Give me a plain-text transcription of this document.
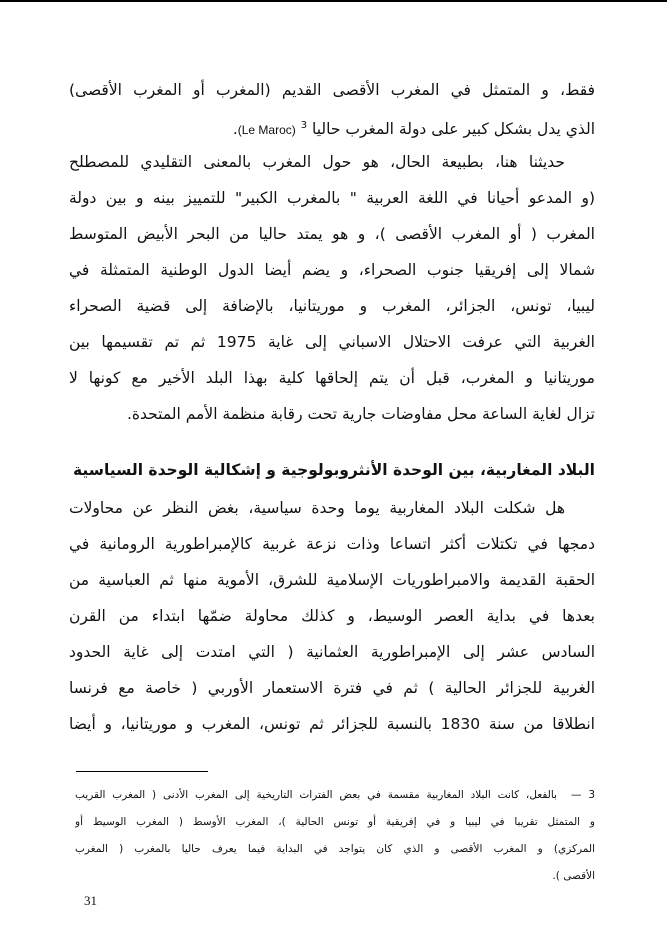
فقط، و المتمثل في المغرب الأقصى القديم (المغرب أو المغرب الأقصى)
الذي يدل بشكل كبير على دولة المغرب حاليا (Le Maroc) $^3$.
حديثنا هنا، بطبيعة الحال، هو حول المغرب بالمعنى التقليدي للمصطلح
(و المدعو أحيانا في اللغة العربية " بالمغرب الكبير" للتمييز بينه و بين دولة
المغرب ( أو المغرب الأقصى )، و هو يمتد حاليا من البحر الأبيض المتوسط
شمالا إلى إفريقيا جنوب الصحراء، و يضم أيضا الدول الوطنية المتمثلة في
ليبيا، تونس، الجزائر، المغرب و موريتانيا، بالإضافة إلى قضية الصحراء
الغربية التي عرفت الاحتلال الاسباني إلى غاية 1975 ثم تم تقسيمها بين
موريتانيا و المغرب، قبل أن يتم إلحاقها كلية بهذا البلد الأخير مع كونها لا
تزال لغاية الساعة محل مفاوضات جارية تحت رقابة منظمة الأمم المتحدة.
البلاد المغاربية، بين الوحدة الأنثروبولوجية و إشكالية الوحدة السياسية
هل شكلت البلاد المغاربية يوما وحدة سياسية، بغض النظر عن محاولات
دمجها في تكتلات أكثر اتساعا وذات نزعة غربية كالإمبراطورية الرومانية في
الحقبة القديمة والامبراطوريات الإسلامية للشرق، الأموية منها ثم العباسية من
بعدها في بداية العصر الوسيط، و كذلك محاولة ضمّها ابتداء من القرن
السادس عشر إلى الإمبراطورية العثمانية ( التي امتدت إلى غاية الحدود
الغربية للجزائر الحالية ) ثم في فترة الاستعمار الأوربي ( خاصة مع فرنسا
انطلاقا من سنة 1830 بالنسبة للجزائر ثم تونس، المغرب و موريتانيا، و أيضا
3 —بالفعل، كانت البلاد المغاربية مقسمة في بعض الفترات التاريخية إلى المغرب الأدنى ( المغرب القريب
و المتمثل تقريبا في ليبيا و في إفريقية أو تونس الحالية )، المغرب الأوسط ( المغرب الوسيط أو
المركزي) و المغرب الأقصى و الذي كان يتواجد في البداية فيما يعرف حاليا بالمغرب ( المغرب
الأقصى ).
31
